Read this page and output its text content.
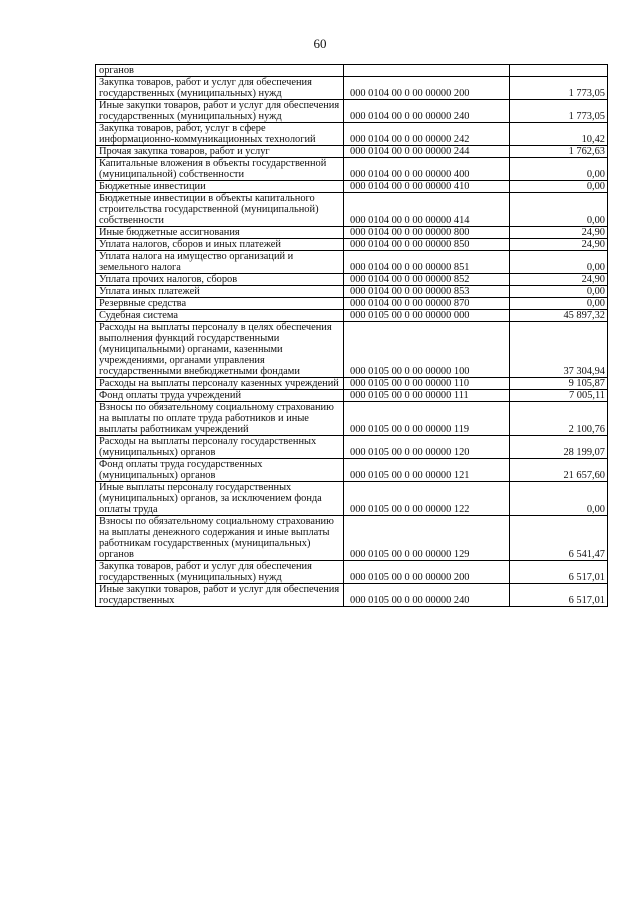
60
органов		
Закупка товаров, работ и услуг для обеспечения государственных (муниципальных) нужд	000 0104 00 0 00 00000 200	1 773,05
Иные закупки товаров, работ и услуг для обеспечения государственных (муниципальных) нужд	000 0104 00 0 00 00000 240	1 773,05
Закупка товаров, работ, услуг в сфере информационно-коммуникационных технологий	000 0104 00 0 00 00000 242	10,42
Прочая закупка товаров, работ и услуг	000 0104 00 0 00 00000 244	1 762,63
Капитальные вложения в объекты государственной (муниципальной) собственности	000 0104 00 0 00 00000 400	0,00
Бюджетные инвестиции	000 0104 00 0 00 00000 410	0,00
Бюджетные инвестиции в объекты капитального строительства государственной (муниципальной) собственности	000 0104 00 0 00 00000 414	0,00
Иные бюджетные ассигнования	000 0104 00 0 00 00000 800	24,90
Уплата налогов, сборов и иных платежей	000 0104 00 0 00 00000 850	24,90
Уплата налога на имущество организаций и земельного налога	000 0104 00 0 00 00000 851	0,00
Уплата прочих налогов, сборов	000 0104 00 0 00 00000 852	24,90
Уплата иных платежей	000 0104 00 0 00 00000 853	0,00
Резервные средства	000 0104 00 0 00 00000 870	0,00
Судебная система	000 0105 00 0 00 00000 000	45 897,32
Расходы на выплаты персоналу в целях обеспечения выполнения функций государственными (муниципальными) органами, казенными учреждениями, органами управления государственными внебюджетными фондами	000 0105 00 0 00 00000 100	37 304,94
Расходы на выплаты персоналу казенных учреждений	000 0105 00 0 00 00000 110	9 105,87
Фонд оплаты труда учреждений	000 0105 00 0 00 00000 111	7 005,11
Взносы по обязательному социальному страхованию на выплаты по оплате труда работников и иные выплаты работникам учреждений	000 0105 00 0 00 00000 119	2 100,76
Расходы на выплаты персоналу государственных (муниципальных) органов	000 0105 00 0 00 00000 120	28 199,07
Фонд оплаты труда государственных (муниципальных) органов	000 0105 00 0 00 00000 121	21 657,60
Иные выплаты персоналу государственных (муниципальных) органов, за исключением фонда оплаты труда	000 0105 00 0 00 00000 122	0,00
Взносы по обязательному социальному страхованию на выплаты денежного содержания и иные выплаты работникам государственных (муниципальных) органов	000 0105 00 0 00 00000 129	6 541,47
Закупка товаров, работ и услуг для обеспечения государственных (муниципальных) нужд	000 0105 00 0 00 00000 200	6 517,01
Иные закупки товаров, работ и услуг для обеспечения государственных	000 0105 00 0 00 00000 240	6 517,01
